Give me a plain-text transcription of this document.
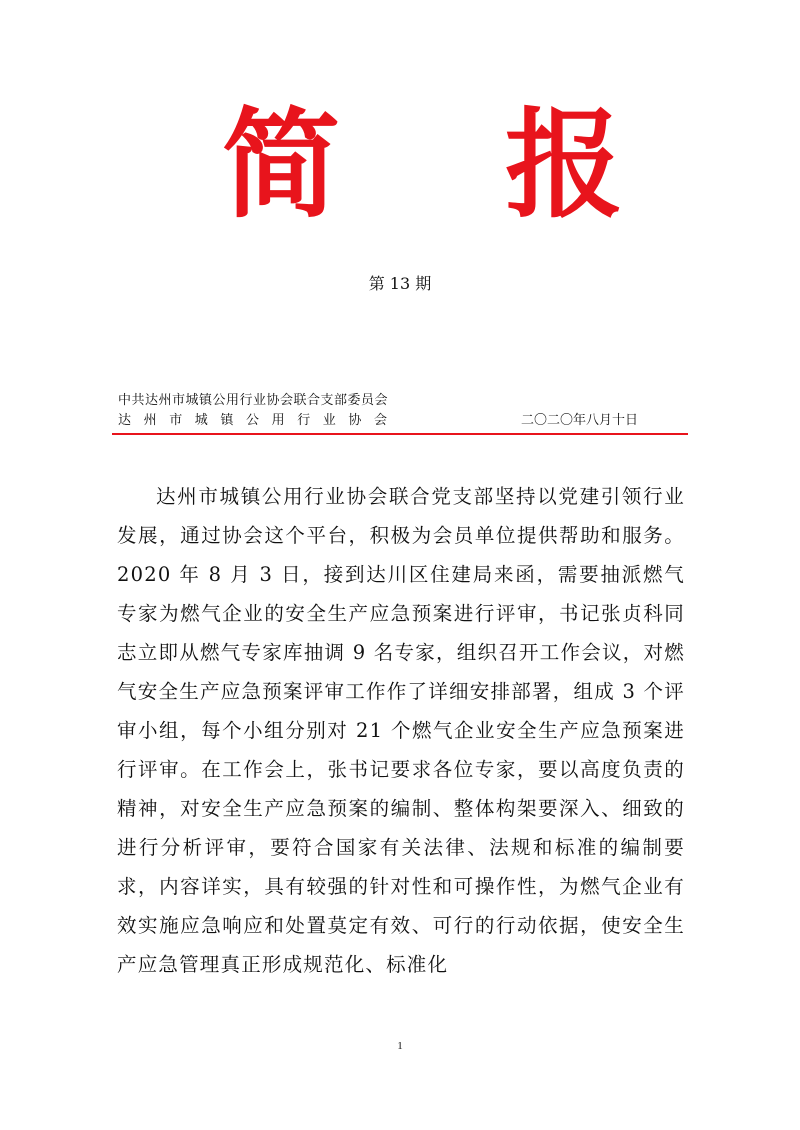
简 报
第 13 期
中共达州市城镇公用行业协会联合支部委员会
达州市城镇公用行业协会	二〇二〇年八月十日
达州市城镇公用行业协会联合党支部坚持以党建引领行业发展，通过协会这个平台，积极为会员单位提供帮助和服务。2020 年 8 月 3 日，接到达川区住建局来函，需要抽派燃气专家为燃气企业的安全生产应急预案进行评审，书记张贞科同志立即从燃气专家库抽调 9 名专家，组织召开工作会议，对燃气安全生产应急预案评审工作作了详细安排部署，组成 3 个评审小组，每个小组分别对 21 个燃气企业安全生产应急预案进行评审。在工作会上，张书记要求各位专家，要以高度负责的精神，对安全生产应急预案的编制、整体构架要深入、细致的进行分析评审，要符合国家有关法律、法规和标准的编制要求，内容详实，具有较强的针对性和可操作性，为燃气企业有效实施应急响应和处置莫定有效、可行的行动依据，使安全生产应急管理真正形成规范化、标准化
1
